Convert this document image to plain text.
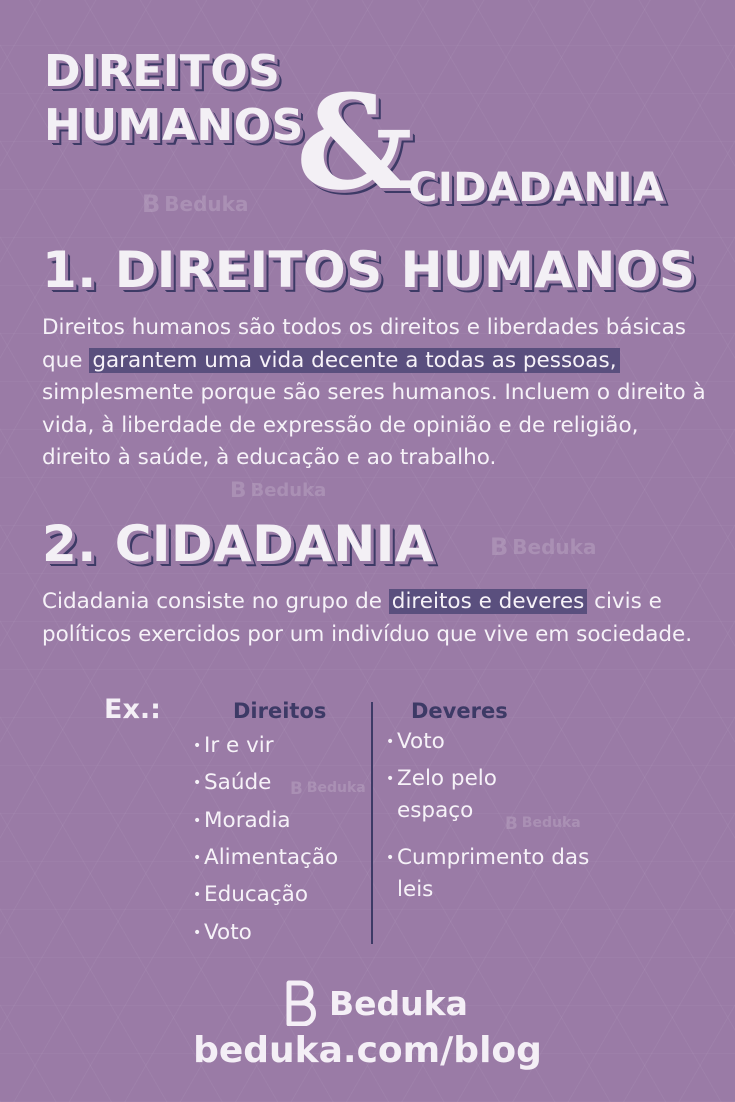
DIREITOS
HUMANOS
&
CIDADANIA
B Beduka
B Beduka
B Beduka
B Beduka
B Beduka
1. DIREITOS HUMANOS
Direitos humanos são todos os direitos e liberdades básicas que garantem uma vida decente a todas as pessoas, simplesmente porque são seres humanos. Incluem o direito à vida, à liberdade de expressão de opinião e de religião, direito à saúde, à educação e ao trabalho.
2. CIDADANIA
Cidadania consiste no grupo de direitos e deveres civis e políticos exercidos por um indivíduo que vive em sociedade.
Ex.:	Direitos	Deveres
• Ir e vir
• Saúde
• Moradia
• Alimentação
• Educação
• Voto
• Voto
• Zelo pelo espaço
• Cumprimento das leis
Beduka
beduka.com/blog
